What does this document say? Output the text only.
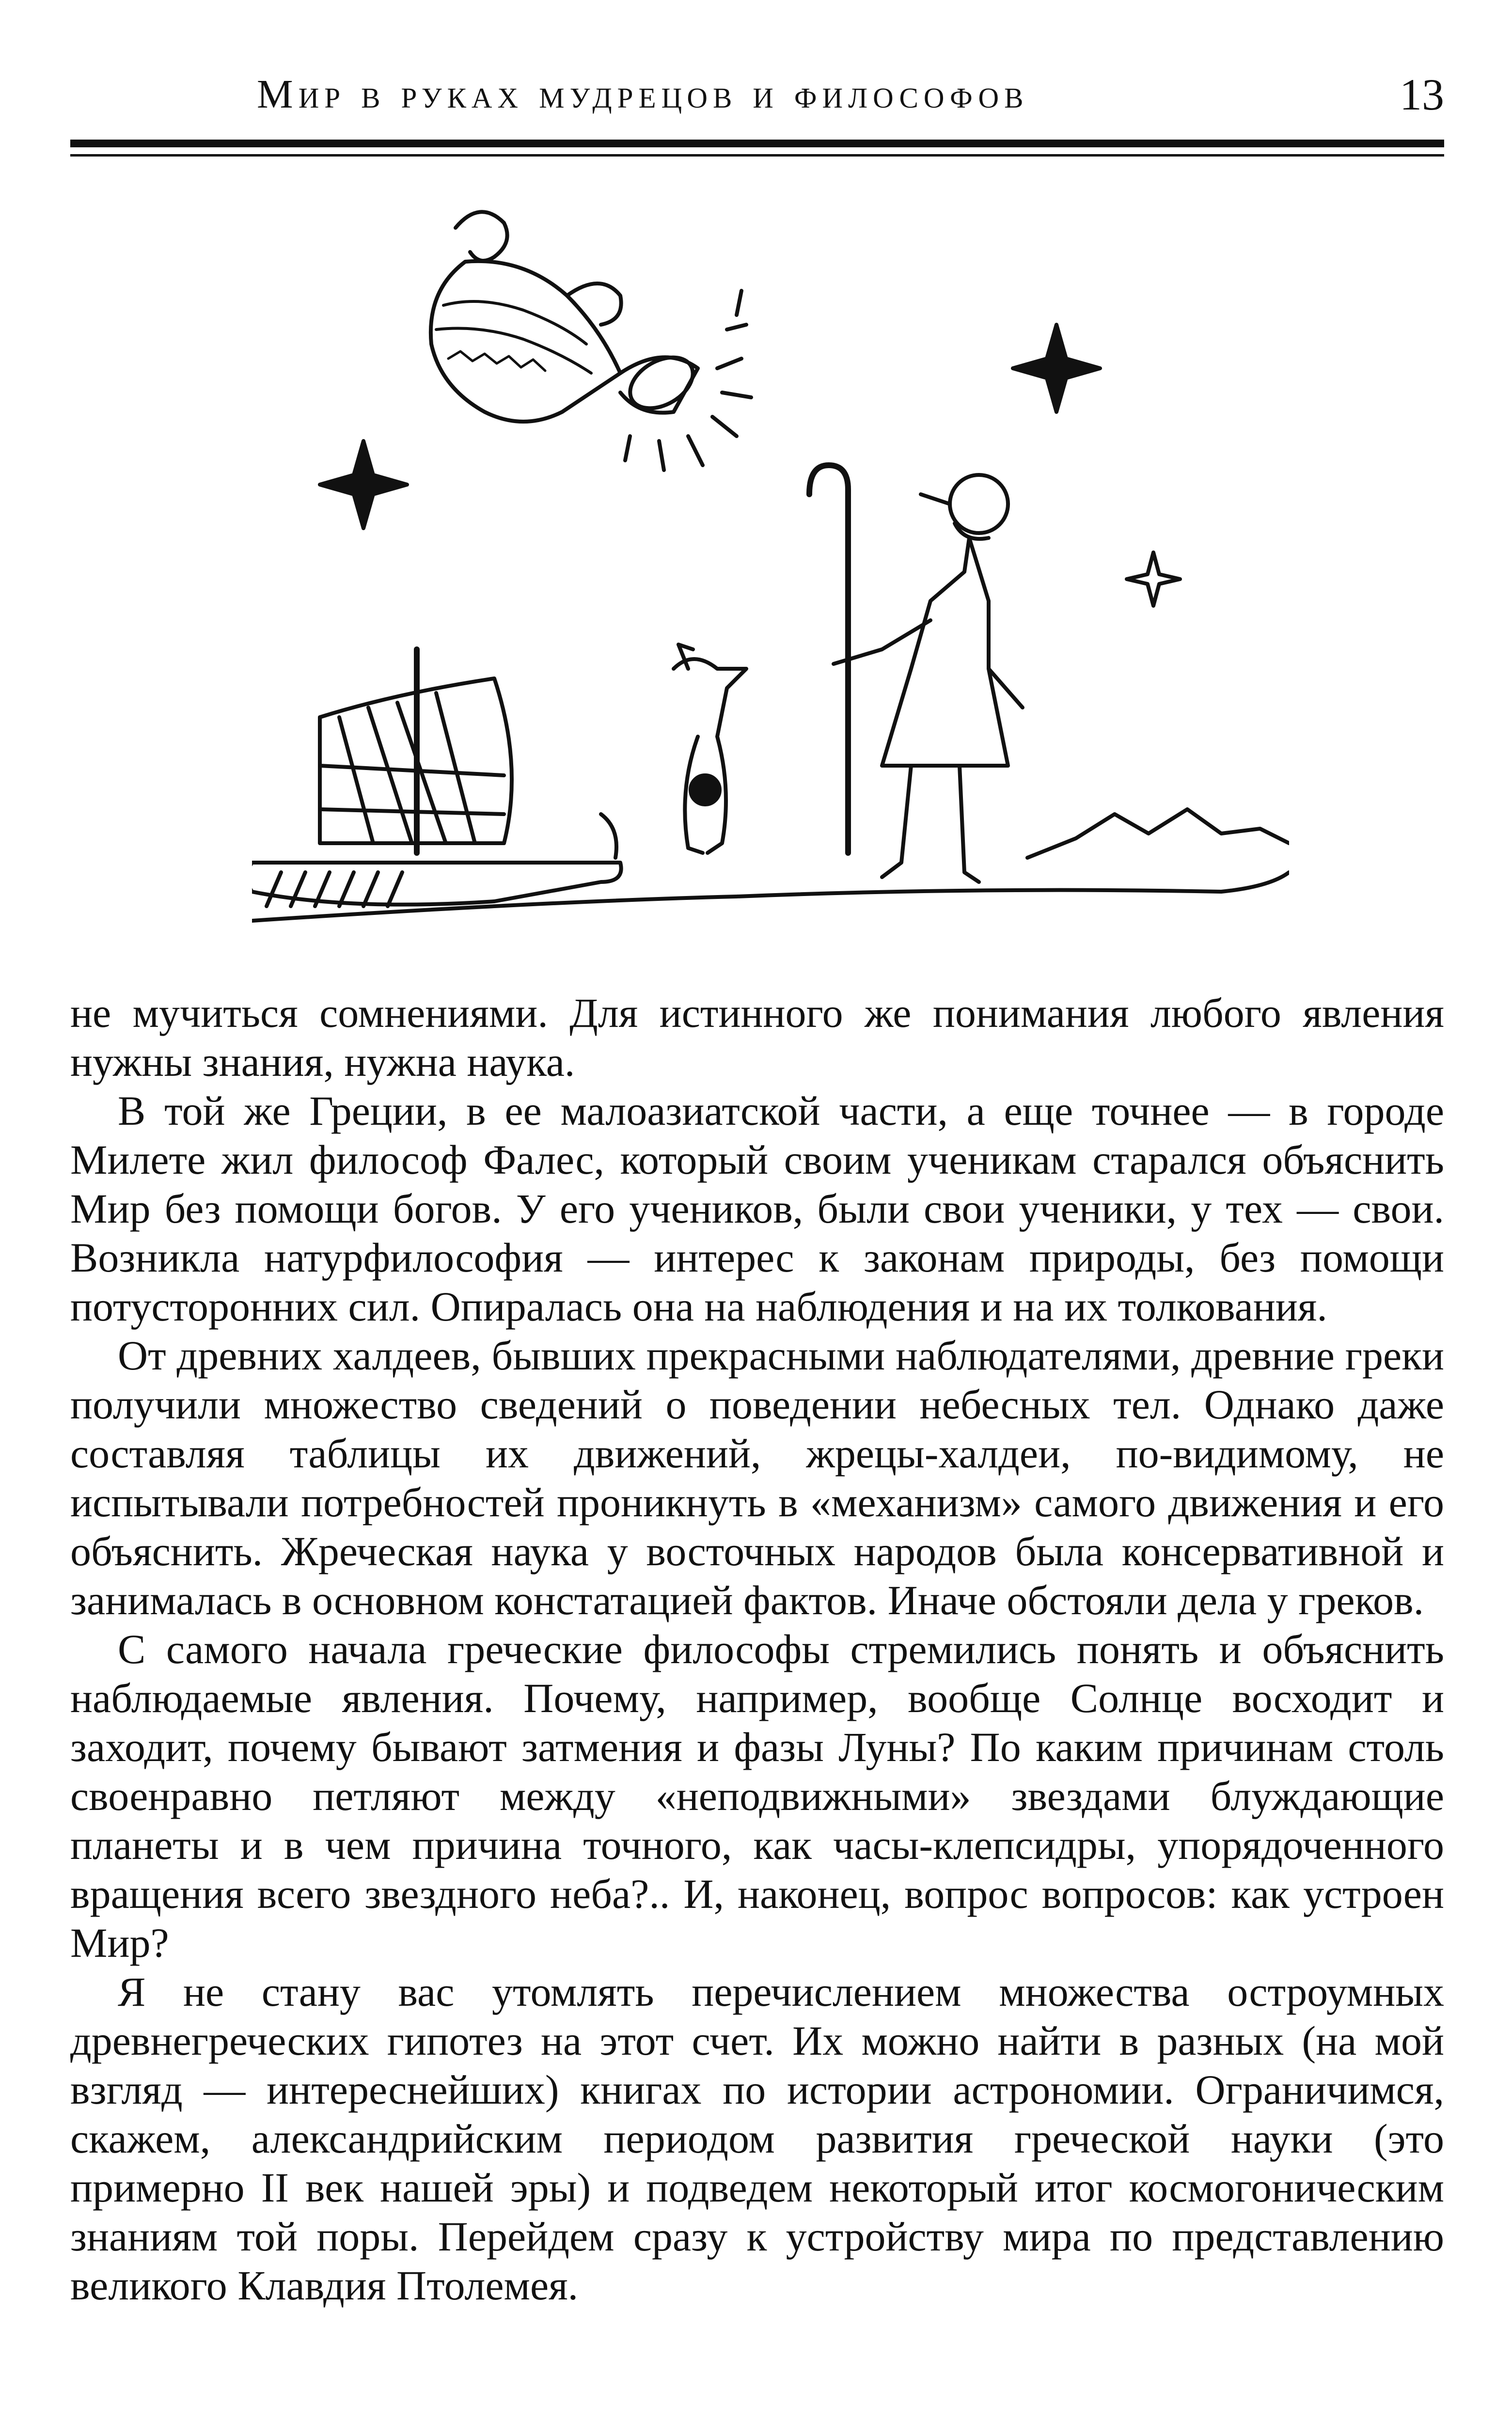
Мир в руках мудрецов и философов	13

не мучиться сомнениями. Для истинного же понимания любого явления нужны знания, нужна наука.

В той же Греции, в ее малоазиатской части, а еще точнее — в городе Милете жил философ Фалес, который своим ученикам старался объяснить Мир без помощи богов. У его учеников, были свои ученики, у тех — свои. Возникла натурфилософия — интерес к законам природы, без помощи потусторонних сил. Опиралась она на наблюдения и на их толкования.

От древних халдеев, бывших прекрасными наблюдателями, древние греки получили множество сведений о поведении небесных тел. Однако даже составляя таблицы их движений, жрецы-халдеи, по-видимому, не испытывали потребностей проникнуть в «механизм» самого движения и его объяснить. Жреческая наука у восточных народов была консервативной и занималась в основном констатацией фактов. Иначе обстояли дела у греков.

С самого начала греческие философы стремились понять и объяснить наблюдаемые явления. Почему, например, вообще Солнце восходит и заходит, почему бывают затмения и фазы Луны? По каким причинам столь своенравно петляют между «неподвижными» звездами блуждающие планеты и в чем причина точного, как часы-клепсидры, упорядоченного вращения всего звездного неба?.. И, наконец, вопрос вопросов: как устроен Мир?

Я не стану вас утомлять перечислением множества остроумных древнегреческих гипотез на этот счет. Их можно найти в разных (на мой взгляд — интереснейших) книгах по истории астрономии. Ограничимся, скажем, александрийским периодом развития греческой науки (это примерно II век нашей эры) и подведем некоторый итог космогоническим знаниям той поры. Перейдем сразу к устройству мира по представлению великого Клавдия Птолемея.
